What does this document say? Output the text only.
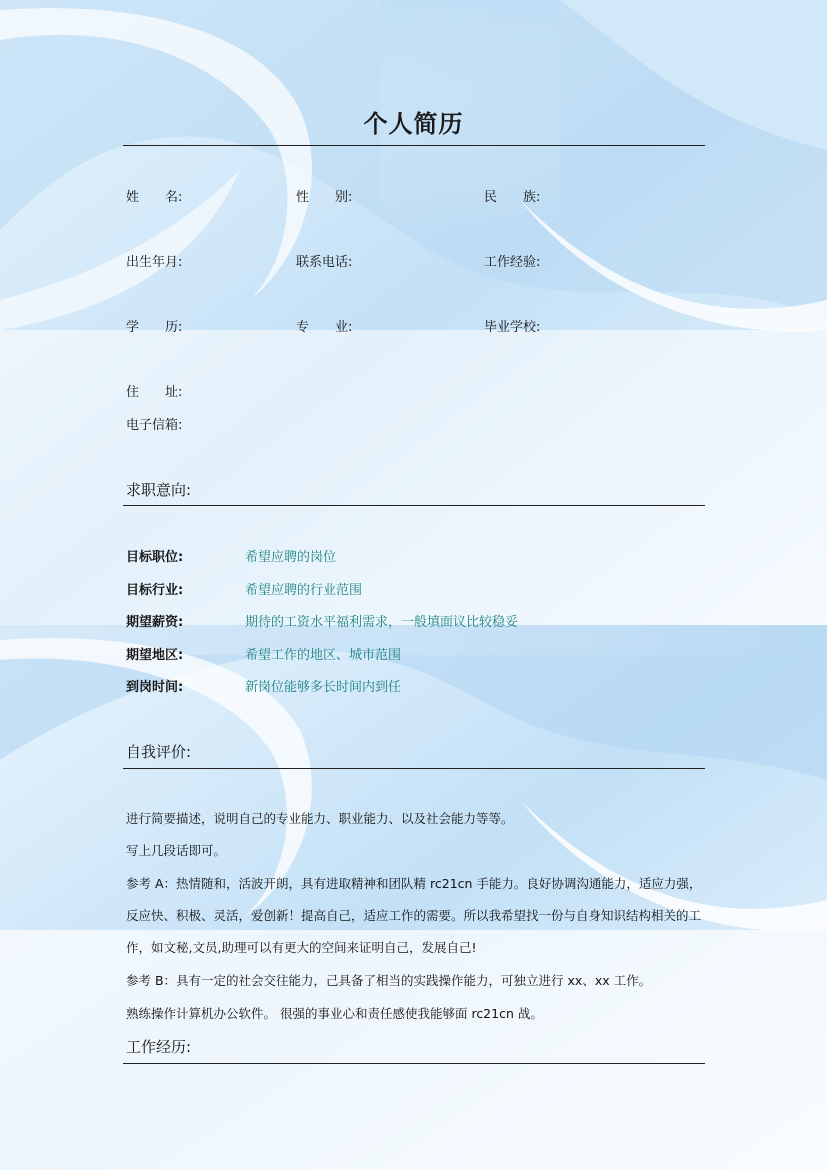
个人简历
姓　　名:	性　　别:	民　　族:
出生年月:	联系电话:	工作经验:
学　　历:	专　　业:	毕业学校:
住　　址:
电子信箱:
求职意向:
目标职位:	希望应聘的岗位
目标行业:	希望应聘的行业范围
期望薪资:	期待的工资水平福利需求，一般填面议比较稳妥
期望地区:	希望工作的地区、城市范围
到岗时间:	新岗位能够多长时间内到任
自我评价:
进行简要描述，说明自己的专业能力、职业能力、以及社会能力等等。
写上几段话即可。
参考 A：热情随和，活波开朗，具有进取精神和团队精 rc21cn 手能力。良好协调沟通能力，适应力强，
反应快、积极、灵活，爱创新！提高自己，适应工作的需要。所以我希望找一份与自身知识结构相关的工
作，如文秘,文员,助理可以有更大的空间来证明自己，发展自己!
参考 B：具有一定的社会交往能力，己具备了相当的实践操作能力，可独立进行 xx、xx 工作。
熟练操作计算机办公软件。 很强的事业心和责任感使我能够面 rc21cn 战。
工作经历:
